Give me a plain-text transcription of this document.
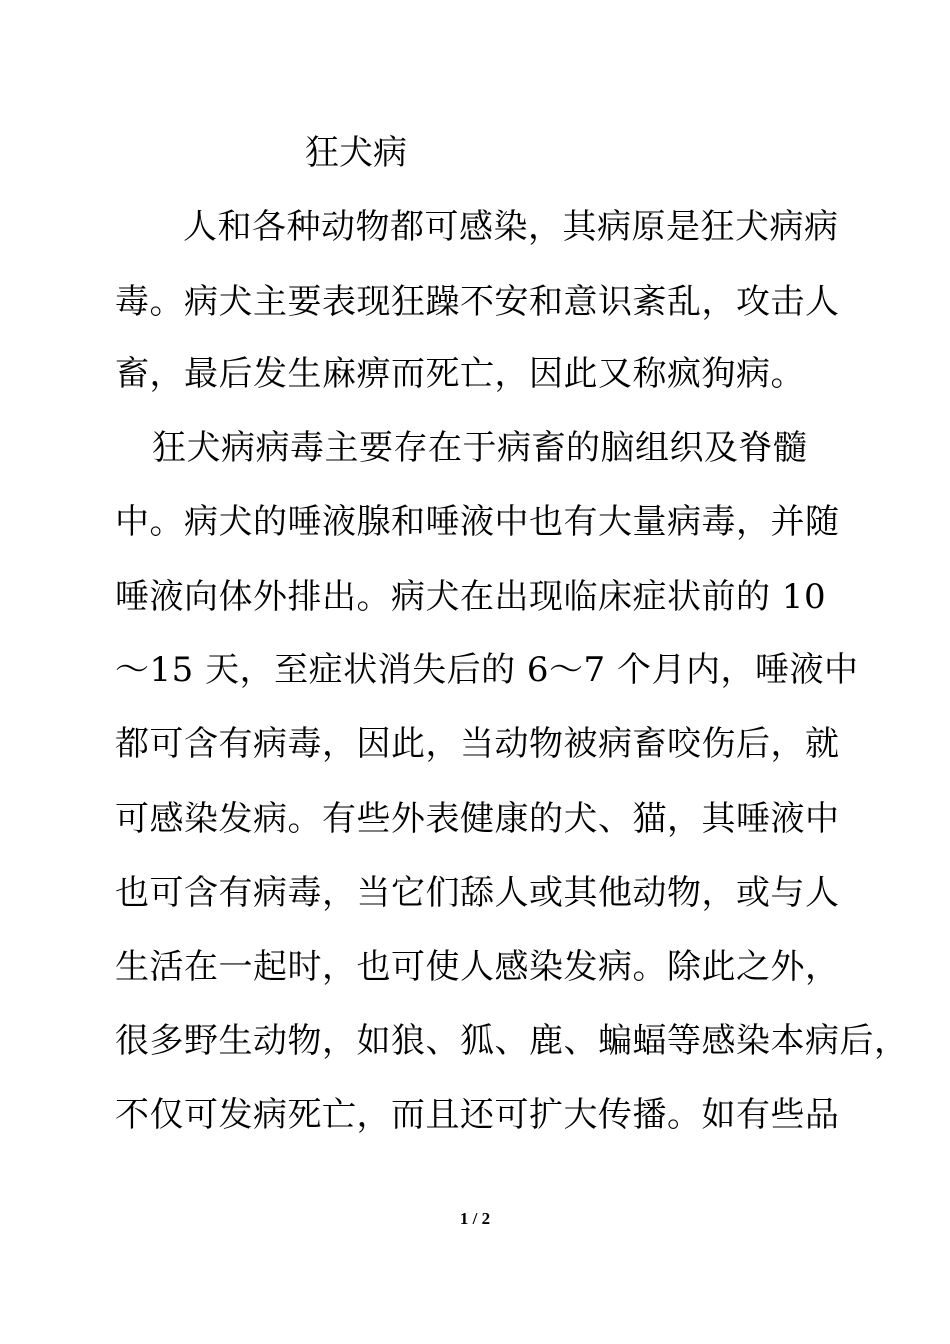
狂犬病
人和各种动物都可感染，其病原是狂犬病病
毒。病犬主要表现狂躁不安和意识紊乱，攻击人
畜，最后发生麻痹而死亡，因此又称疯狗病。
狂犬病病毒主要存在于病畜的脑组织及脊髓
中。病犬的唾液腺和唾液中也有大量病毒，并随
唾液向体外排出。病犬在出现临床症状前的 10
～15 天，至症状消失后的 6～7 个月内，唾液中
都可含有病毒，因此，当动物被病畜咬伤后，就
可感染发病。有些外表健康的犬、猫，其唾液中
也可含有病毒，当它们舔人或其他动物，或与人
生活在一起时，也可使人感染发病。除此之外，
很多野生动物，如狼、狐、鹿、蝙蝠等感染本病后，
不仅可发病死亡，而且还可扩大传播。如有些品
1 / 2
